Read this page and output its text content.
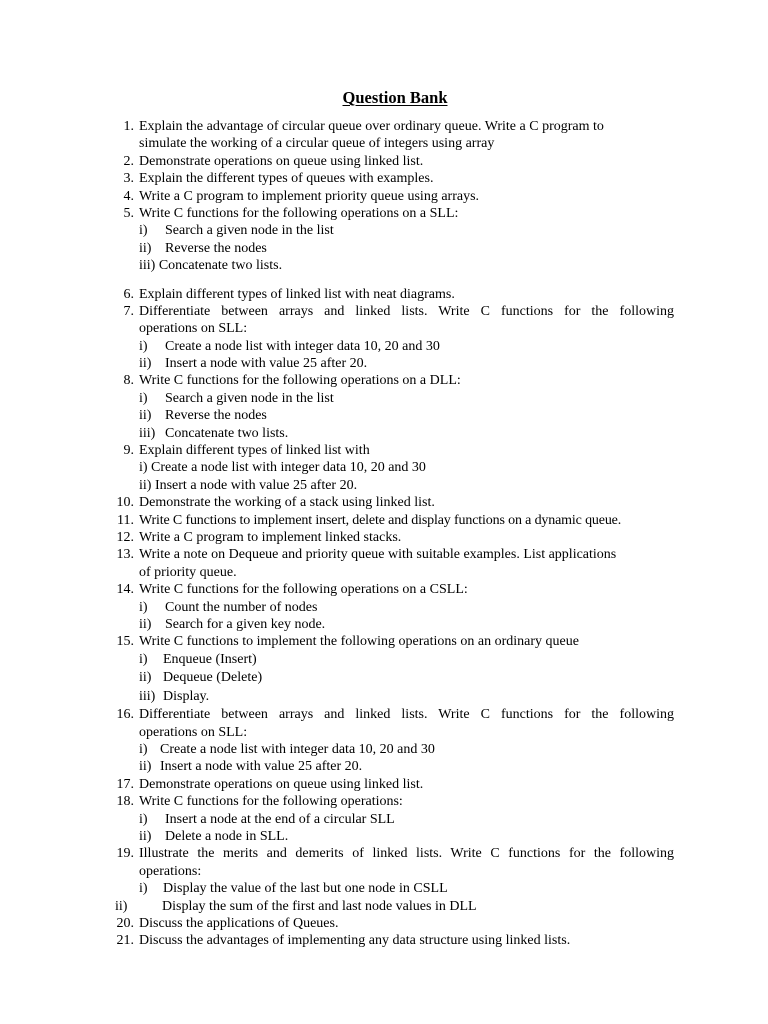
Question Bank
1. Explain the advantage of circular queue over ordinary queue. Write a C program to
simulate the working of a circular queue of integers using array
2. Demonstrate operations on queue using linked list.
3. Explain the different types of queues with examples.
4. Write a C program to implement priority queue using arrays.
5. Write C functions for the following operations on a SLL:
i) Search a given node in the list
ii) Reverse the nodes
iii) Concatenate two lists.
6. Explain different types of linked list with neat diagrams.
7. Differentiate between arrays and linked lists. Write C functions for the following
operations on SLL:
i) Create a node list with integer data 10, 20 and 30
ii) Insert a node with value 25 after 20.
8. Write C functions for the following operations on a DLL:
i) Search a given node in the list
ii) Reverse the nodes
iii) Concatenate two lists.
9. Explain different types of linked list with
i) Create a node list with integer data 10, 20 and 30
ii) Insert a node with value 25 after 20.
10. Demonstrate the working of a stack using linked list.
11. Write C functions to implement insert, delete and display functions on a dynamic queue.
12. Write a C program to implement linked stacks.
13. Write a note on Dequeue and priority queue with suitable examples. List applications
of priority queue.
14. Write C functions for the following operations on a CSLL:
i) Count the number of nodes
ii) Search for a given key node.
15. Write C functions to implement the following operations on an ordinary queue
i) Enqueue (Insert)
ii) Dequeue (Delete)
iii) Display.
16. Differentiate between arrays and linked lists. Write C functions for the following
operations on SLL:
i) Create a node list with integer data 10, 20 and 30
ii) Insert a node with value 25 after 20.
17. Demonstrate operations on queue using linked list.
18. Write C functions for the following operations:
i) Insert a node at the end of a circular SLL
ii) Delete a node in SLL.
19. Illustrate the merits and demerits of linked lists. Write C functions for the following
operations:
i) Display the value of the last but one node in CSLL
ii) Display the sum of the first and last node values in DLL
20. Discuss the applications of Queues.
21. Discuss the advantages of implementing any data structure using linked lists.
